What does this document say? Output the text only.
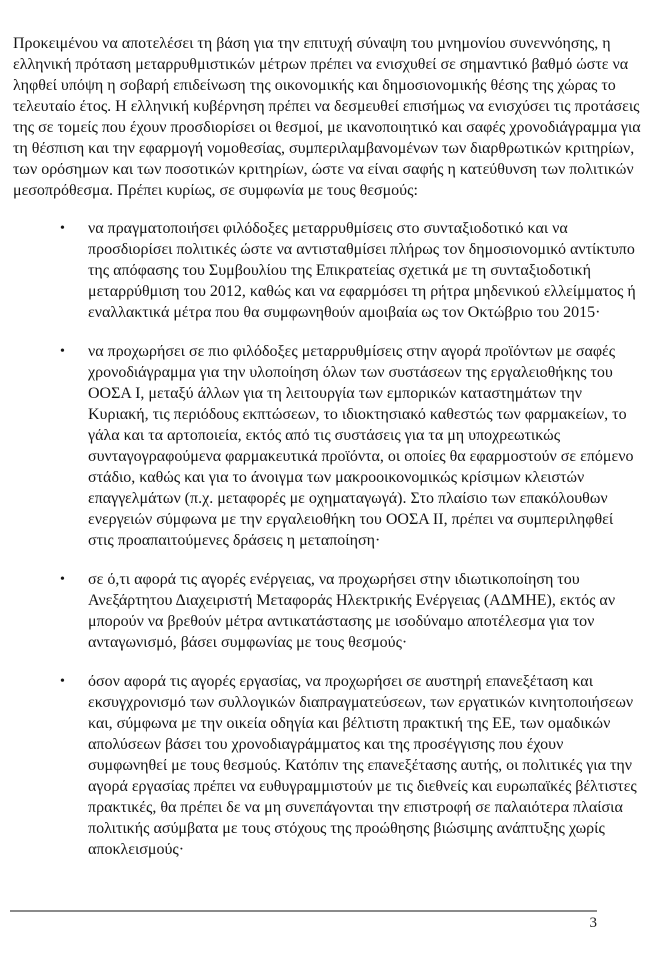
Προκειμένου να αποτελέσει τη βάση για την επιτυχή σύναψη του μνημονίου συνεννόησης, η ελληνική πρόταση μεταρρυθμιστικών μέτρων πρέπει να ενισχυθεί σε σημαντικό βαθμό ώστε να ληφθεί υπόψη η σοβαρή επιδείνωση της οικονομικής και δημοσιονομικής θέσης της χώρας το τελευταίο έτος. Η ελληνική κυβέρνηση πρέπει να δεσμευθεί επισήμως να ενισχύσει τις προτάσεις της σε τομείς που έχουν προσδιορίσει οι θεσμοί, με ικανοποιητικό και σαφές χρονοδιάγραμμα για τη θέσπιση και την εφαρμογή νομοθεσίας, συμπεριλαμβανομένων των διαρθρωτικών κριτηρίων, των ορόσημων και των ποσοτικών κριτηρίων, ώστε να είναι σαφής η κατεύθυνση των πολιτικών μεσοπρόθεσμα. Πρέπει κυρίως, σε συμφωνία με τους θεσμούς:

• να πραγματοποιήσει φιλόδοξες μεταρρυθμίσεις στο συνταξιοδοτικό και να προσδιορίσει πολιτικές ώστε να αντισταθμίσει πλήρως τον δημοσιονομικό αντίκτυπο της απόφασης του Συμβουλίου της Επικρατείας σχετικά με τη συνταξιοδοτική μεταρρύθμιση του 2012, καθώς και να εφαρμόσει τη ρήτρα μηδενικού ελλείμματος ή εναλλακτικά μέτρα που θα συμφωνηθούν αμοιβαία ως τον Οκτώβριο του 2015·
• να προχωρήσει σε πιο φιλόδοξες μεταρρυθμίσεις στην αγορά προϊόντων με σαφές χρονοδιάγραμμα για την υλοποίηση όλων των συστάσεων της εργαλειοθήκης του ΟΟΣΑ Ι, μεταξύ άλλων για τη λειτουργία των εμπορικών καταστημάτων την Κυριακή, τις περιόδους εκπτώσεων, το ιδιοκτησιακό καθεστώς των φαρμακείων, το γάλα και τα αρτοποιεία, εκτός από τις συστάσεις για τα μη υποχρεωτικώς συνταγογραφούμενα φαρμακευτικά προϊόντα, οι οποίες θα εφαρμοστούν σε επόμενο στάδιο, καθώς και για το άνοιγμα των μακροοικονομικώς κρίσιμων κλειστών επαγγελμάτων (π.χ. μεταφορές με οχηματαγωγά). Στο πλαίσιο των επακόλουθων ενεργειών σύμφωνα με την εργαλειοθήκη του ΟΟΣΑ ΙΙ, πρέπει να συμπεριληφθεί στις προαπαιτούμενες δράσεις η μεταποίηση·
• σε ό,τι αφορά τις αγορές ενέργειας, να προχωρήσει στην ιδιωτικοποίηση του Ανεξάρτητου Διαχειριστή Μεταφοράς Ηλεκτρικής Ενέργειας (ΑΔΜΗΕ), εκτός αν μπορούν να βρεθούν μέτρα αντικατάστασης με ισοδύναμο αποτέλεσμα για τον ανταγωνισμό, βάσει συμφωνίας με τους θεσμούς·
• όσον αφορά τις αγορές εργασίας, να προχωρήσει σε αυστηρή επανεξέταση και εκσυγχρονισμό των συλλογικών διαπραγματεύσεων, των εργατικών κινητοποιήσεων και, σύμφωνα με την οικεία οδηγία και βέλτιστη πρακτική της ΕΕ, των ομαδικών απολύσεων βάσει του χρονοδιαγράμματος και της προσέγγισης που έχουν συμφωνηθεί με τους θεσμούς. Κατόπιν της επανεξέτασης αυτής, οι πολιτικές για την αγορά εργασίας πρέπει να ευθυγραμμιστούν με τις διεθνείς και ευρωπαϊκές βέλτιστες πρακτικές, θα πρέπει δε να μη συνεπάγονται την επιστροφή σε παλαιότερα πλαίσια πολιτικής ασύμβατα με τους στόχους της προώθησης βιώσιμης ανάπτυξης χωρίς αποκλεισμούς·
3
